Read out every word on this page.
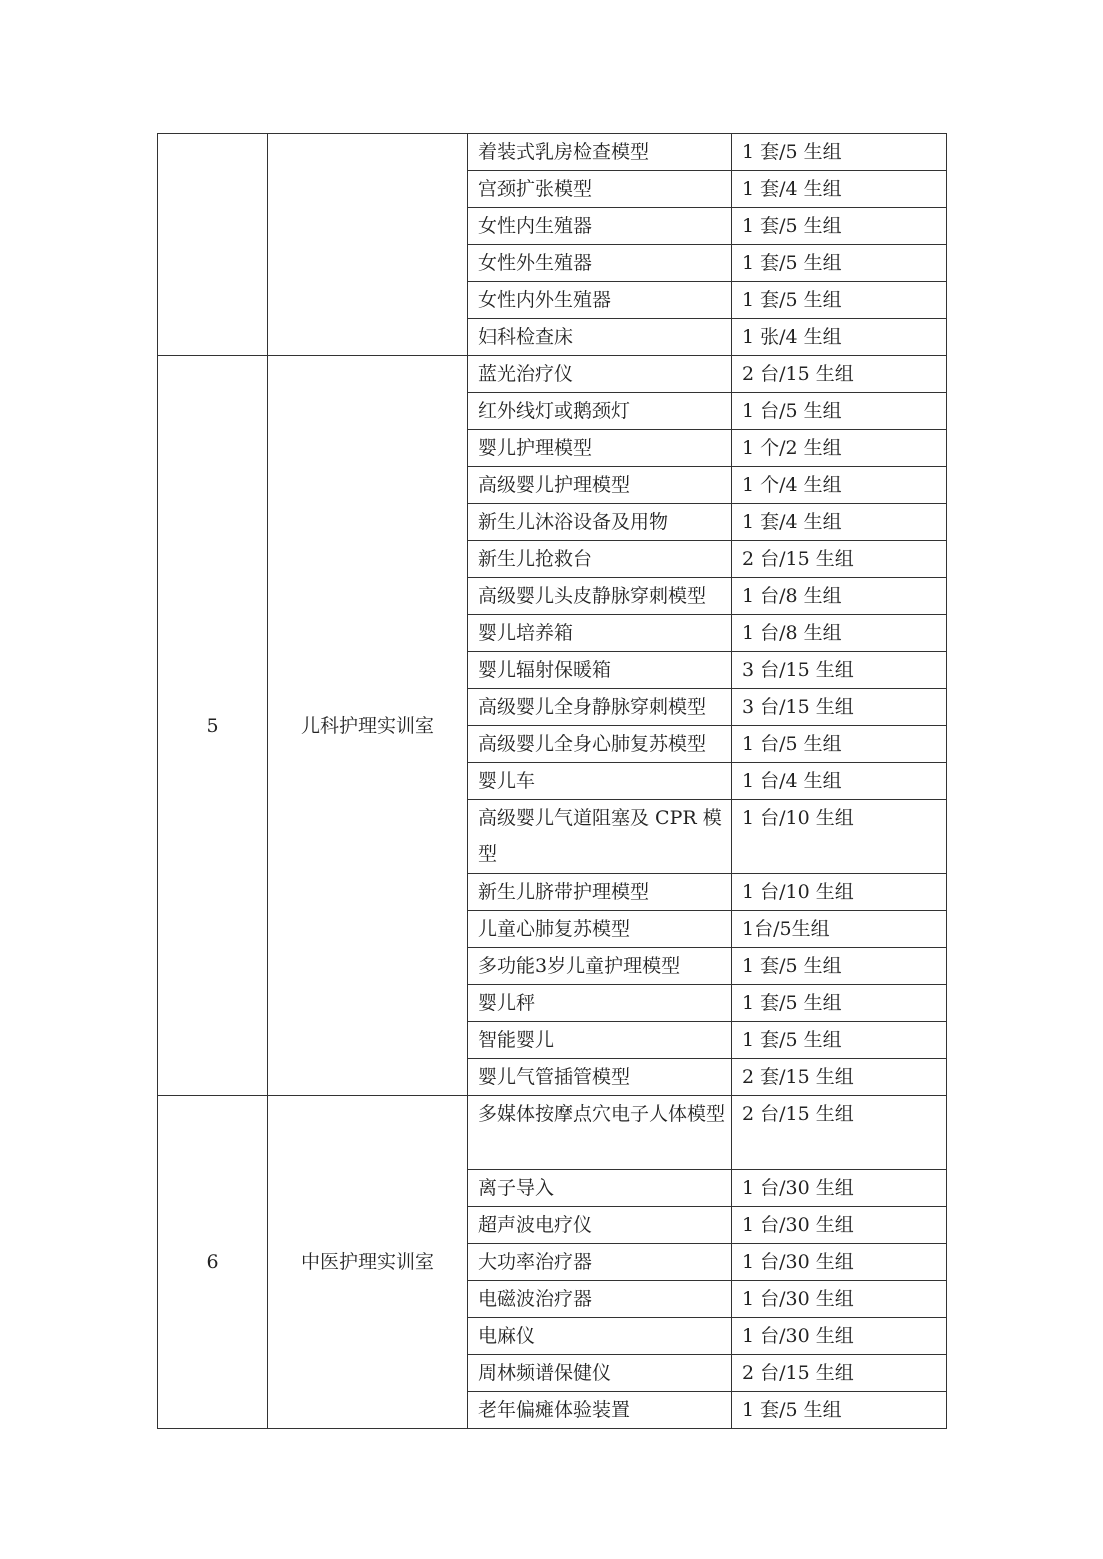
		着装式乳房检查模型	1 套/5 生组
		宫颈扩张模型	1 套/4 生组
		女性内生殖器	1 套/5 生组
		女性外生殖器	1 套/5 生组
		女性内外生殖器	1 套/5 生组
		妇科检查床	1 张/4 生组
5	儿科护理实训室	蓝光治疗仪	2 台/15 生组
		红外线灯或鹅颈灯	1 台/5 生组
		婴儿护理模型	1 个/2 生组
		高级婴儿护理模型	1 个/4 生组
		新生儿沐浴设备及用物	1 套/4 生组
		新生儿抢救台	2 台/15 生组
		高级婴儿头皮静脉穿刺模型	1 台/8 生组
		婴儿培养箱	1 台/8 生组
		婴儿辐射保暖箱	3 台/15 生组
		高级婴儿全身静脉穿刺模型	3 台/15 生组
		高级婴儿全身心肺复苏模型	1 台/5 生组
		婴儿车	1 台/4 生组
		高级婴儿气道阻塞及 CPR 模型	1 台/10 生组
		新生儿脐带护理模型	1 台/10 生组
		儿童心肺复苏模型	1台/5生组
		多功能3岁儿童护理模型	1 套/5 生组
		婴儿秤	1 套/5 生组
		智能婴儿	1 套/5 生组
		婴儿气管插管模型	2 套/15 生组
6	中医护理实训室	多媒体按摩点穴电子人体模型	2 台/15 生组
		离子导入	1 台/30 生组
		超声波电疗仪	1 台/30 生组
		大功率治疗器	1 台/30 生组
		电磁波治疗器	1 台/30 生组
		电麻仪	1 台/30 生组
		周林频谱保健仪	2 台/15 生组
		老年偏瘫体验装置	1 套/5 生组
